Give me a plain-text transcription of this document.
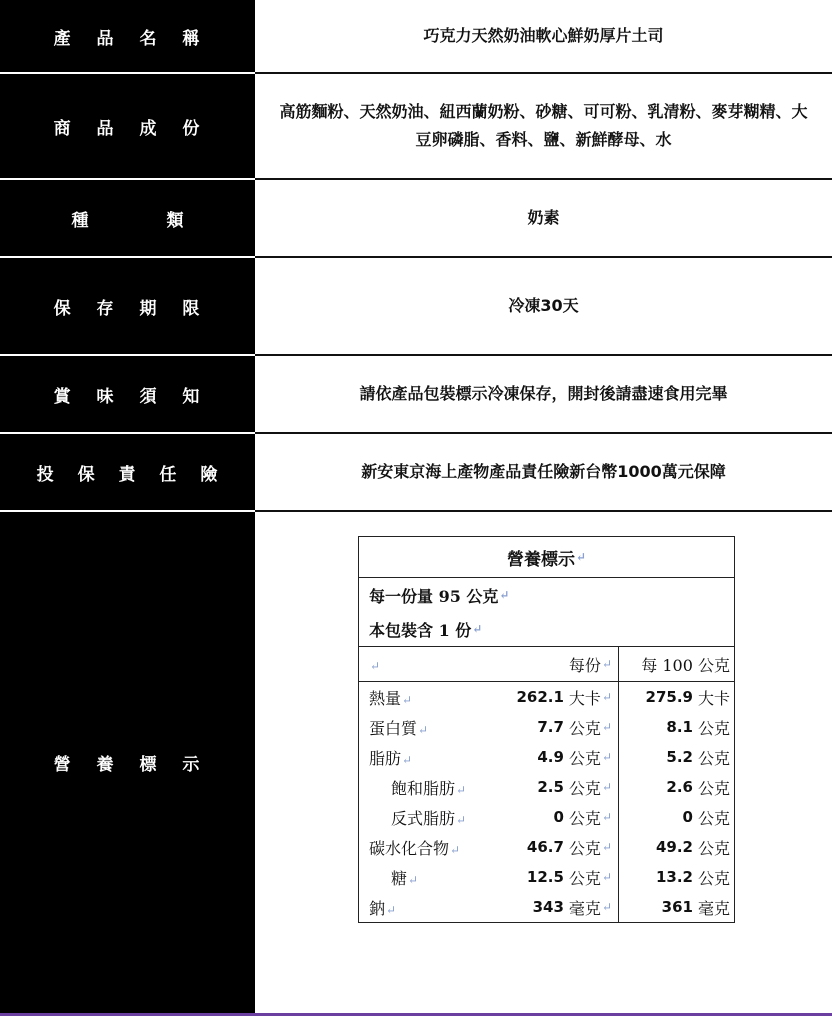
產 品 名 稱	巧克力天然奶油軟心鮮奶厚片土司
商 品 成 份
高筋麵粉、天然奶油、紐西蘭奶粉、砂糖、可可粉、乳清粉、麥芽糊精、大豆卵磷脂、香料、鹽、新鮮酵母、水
種 類	奶素
保 存 期 限	冷凍30天
賞 味 須 知	請依產品包裝標示冷凍保存，開封後請盡速食用完畢
投 保 責 任 險	新安東京海上產物產品責任險新台幣1000萬元保障
營 養 標 示
營養標示 ↵
每一份量 95 公克 ↵
本包裝含 1 份 ↵
↵	每份 ↵ 每 100 公克
熱量↵	262.1 大卡 ↵ 275.9 大卡
蛋白質↵	7.7 公克 ↵	8.1 公克
脂肪↵	4.9 公克 ↵	5.2 公克
飽和脂肪↵	2.5 公克 ↵	2.6 公克
反式脂肪↵	0 公克 ↵	0 公克
碳水化合物↵	46.7 公克 ↵	49.2 公克
糖↵	12.5 公克 ↵	13.2 公克
鈉↵	343 毫克 ↵	361 毫克
